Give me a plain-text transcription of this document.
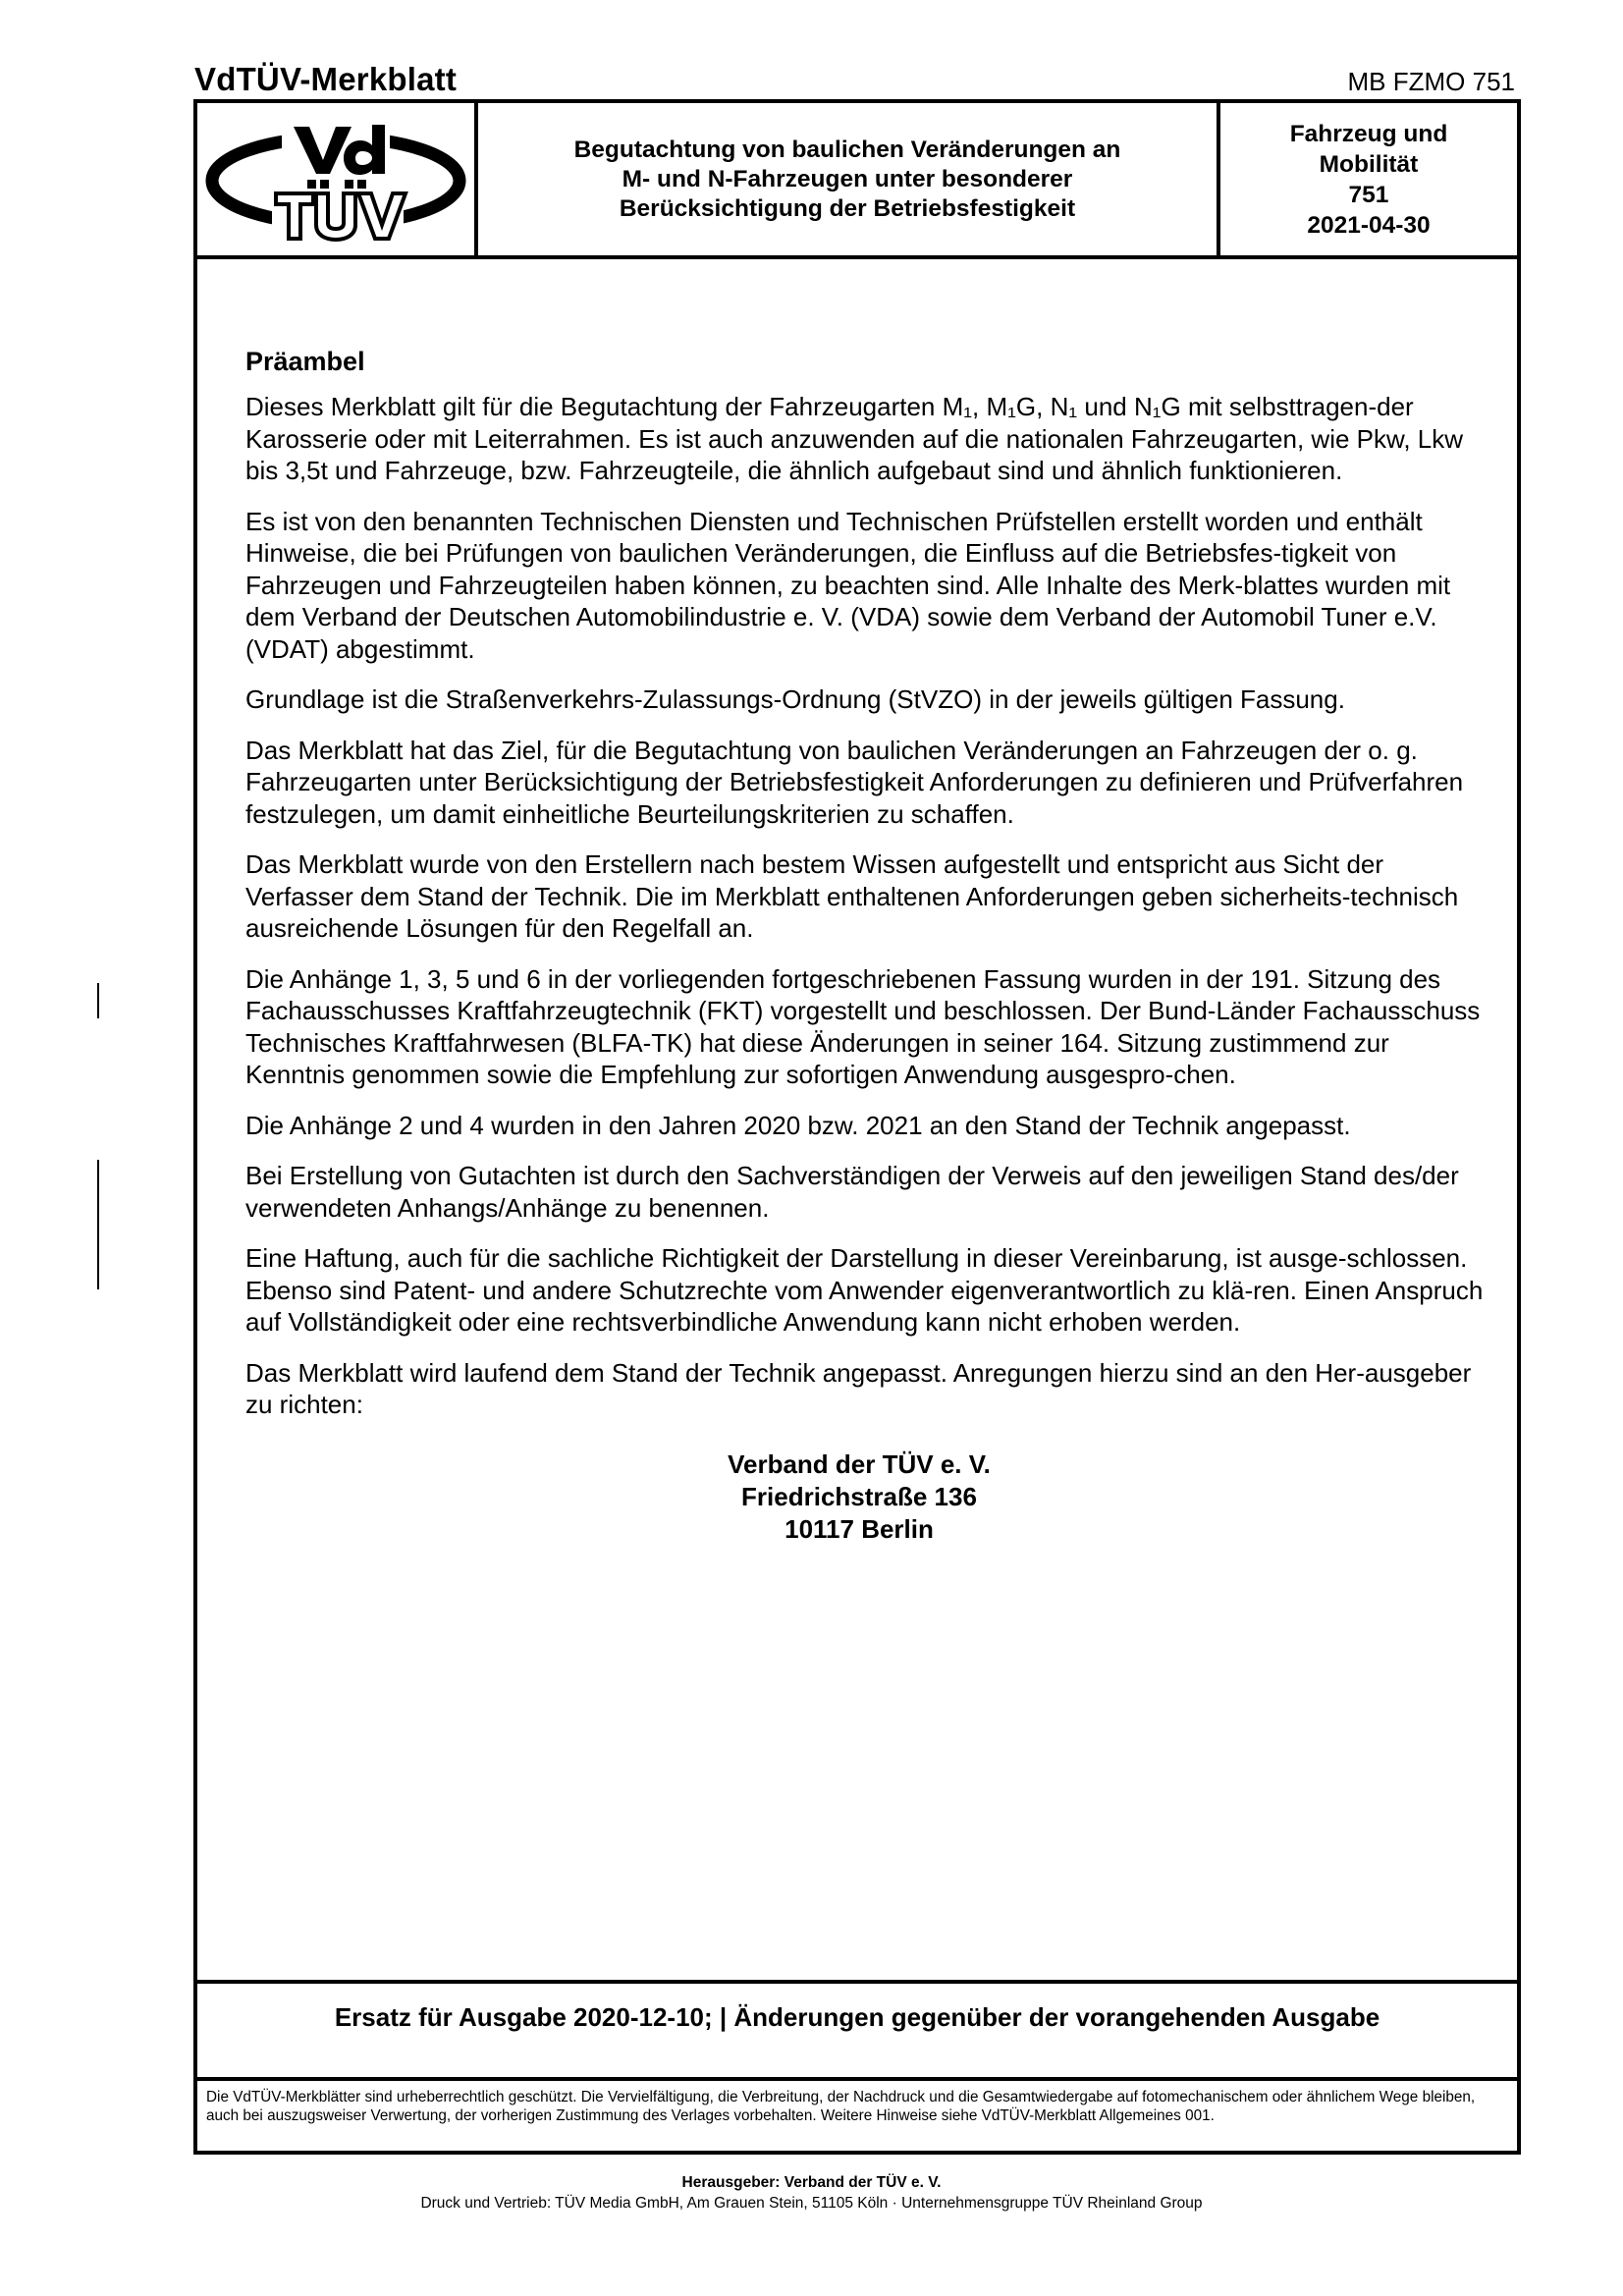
VdTÜV-Merkblatt	MB FZMO 751
Begutachtung von baulichen Veränderungen an
M- und N-Fahrzeugen unter besonderer
Berücksichtigung der Betriebsfestigkeit
Fahrzeug und
Mobilität
751
2021-04-30
Präambel

Dieses Merkblatt gilt für die Begutachtung der Fahrzeugarten M₁, M₁G, N₁ und N₁G mit selbsttragen-der Karosserie oder mit Leiterrahmen. Es ist auch anzuwenden auf die nationalen Fahrzeugarten, wie Pkw, Lkw bis 3,5t und Fahrzeuge, bzw. Fahrzeugteile, die ähnlich aufgebaut sind und ähnlich funktionieren.

Es ist von den benannten Technischen Diensten und Technischen Prüfstellen erstellt worden und enthält Hinweise, die bei Prüfungen von baulichen Veränderungen, die Einfluss auf die Betriebsfes-tigkeit von Fahrzeugen und Fahrzeugteilen haben können, zu beachten sind. Alle Inhalte des Merk-blattes wurden mit dem Verband der Deutschen Automobilindustrie e. V. (VDA) sowie dem Verband der Automobil Tuner e.V. (VDAT) abgestimmt.

Grundlage ist die Straßenverkehrs-Zulassungs-Ordnung (StVZO) in der jeweils gültigen Fassung.

Das Merkblatt hat das Ziel, für die Begutachtung von baulichen Veränderungen an Fahrzeugen der o. g. Fahrzeugarten unter Berücksichtigung der Betriebsfestigkeit Anforderungen zu definieren und Prüfverfahren festzulegen, um damit einheitliche Beurteilungskriterien zu schaffen.

Das Merkblatt wurde von den Erstellern nach bestem Wissen aufgestellt und entspricht aus Sicht der Verfasser dem Stand der Technik. Die im Merkblatt enthaltenen Anforderungen geben sicherheits-technisch ausreichende Lösungen für den Regelfall an.

Die Anhänge 1, 3, 5 und 6 in der vorliegenden fortgeschriebenen Fassung wurden in der 191. Sitzung des Fachausschusses Kraftfahrzeugtechnik (FKT) vorgestellt und beschlossen. Der Bund-Länder Fachausschuss Technisches Kraftfahrwesen (BLFA-TK) hat diese Änderungen in seiner 164. Sitzung zustimmend zur Kenntnis genommen sowie die Empfehlung zur sofortigen Anwendung ausgespro-chen.

Die Anhänge 2 und 4 wurden in den Jahren 2020 bzw. 2021 an den Stand der Technik angepasst.

Bei Erstellung von Gutachten ist durch den Sachverständigen der Verweis auf den jeweiligen Stand des/der verwendeten Anhangs/Anhänge zu benennen.

Eine Haftung, auch für die sachliche Richtigkeit der Darstellung in dieser Vereinbarung, ist ausge-schlossen. Ebenso sind Patent- und andere Schutzrechte vom Anwender eigenverantwortlich zu klä-ren. Einen Anspruch auf Vollständigkeit oder eine rechtsverbindliche Anwendung kann nicht erhoben werden.

Das Merkblatt wird laufend dem Stand der Technik angepasst. Anregungen hierzu sind an den Her-ausgeber zu richten:

Verband der TÜV e. V.
Friedrichstraße 136
10117 Berlin
Ersatz für Ausgabe 2020-12-10; | Änderungen gegenüber der vorangehenden Ausgabe
Die VdTÜV-Merkblätter sind urheberrechtlich geschützt. Die Vervielfältigung, die Verbreitung, der Nachdruck und die Gesamtwiedergabe auf fotomechanischem oder ähnlichem Wege bleiben, auch bei auszugsweiser Verwertung, der vorherigen Zustimmung des Verlages vorbehalten. Weitere Hinweise siehe VdTÜV-Merkblatt Allgemeines 001.
Herausgeber: Verband der TÜV e. V.
Druck und Vertrieb: TÜV Media GmbH, Am Grauen Stein, 51105 Köln · Unternehmensgruppe TÜV Rheinland Group
